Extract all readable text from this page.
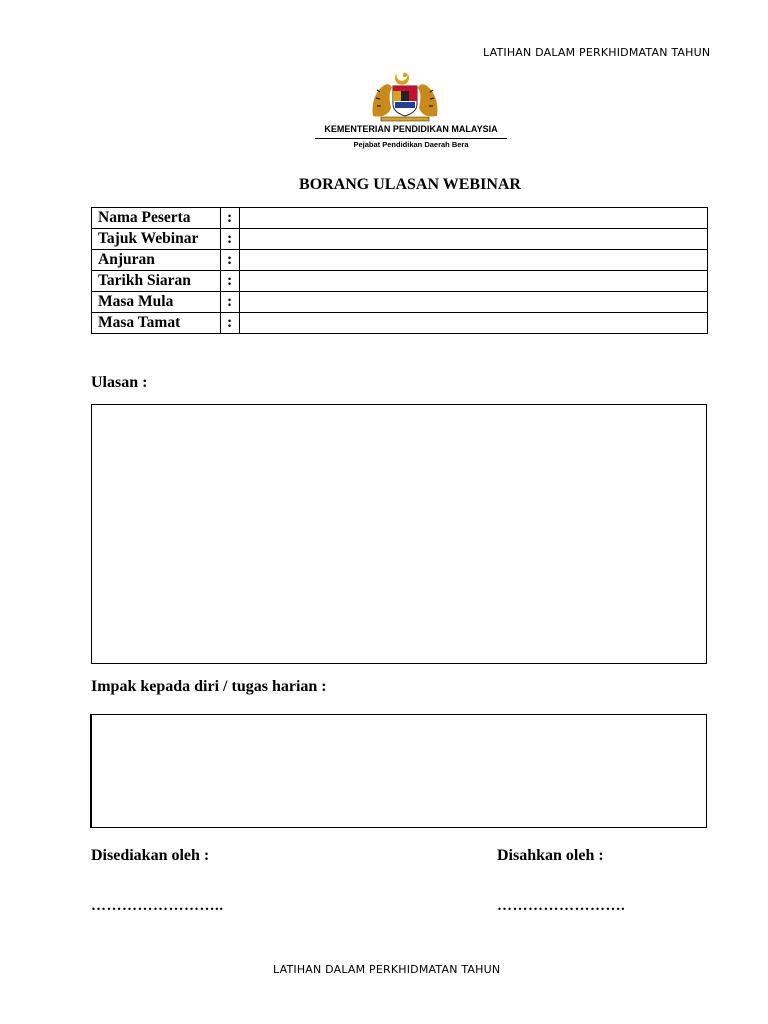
LATIHAN DALAM PERKHIDMATAN TAHUN
KEMENTERIAN PENDIDIKAN MALAYSIA
Pejabat Pendidikan Daerah Bera
BORANG ULASAN WEBINAR
Nama Peserta	:	
Tajuk Webinar	:	
Anjuran	:	
Tarikh Siaran	:	
Masa Mula	:	
Masa Tamat	:	
Ulasan :
Impak kepada diri / tugas harian :
Disediakan oleh :	Disahkan oleh :
……………………..	…………………….
LATIHAN DALAM PERKHIDMATAN TAHUN
